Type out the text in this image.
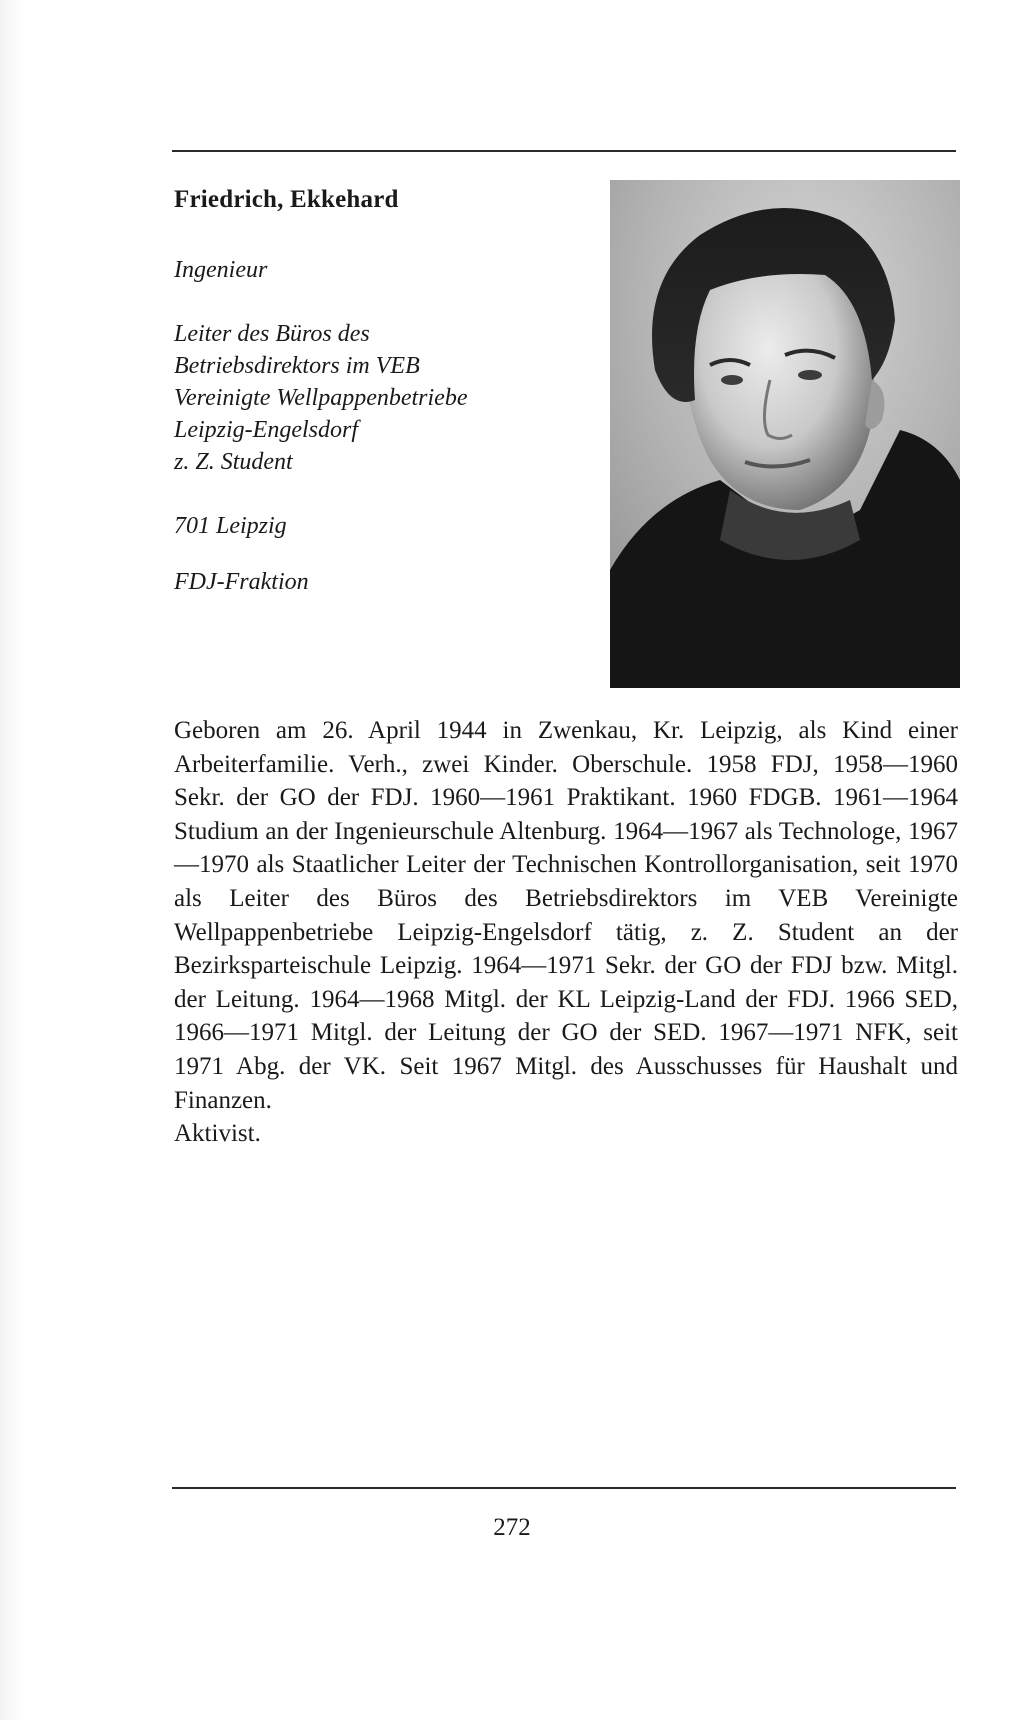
Friedrich, Ekkehard
Ingenieur
Leiter des Büros des
Betriebsdirektors im VEB
Vereinigte Wellpappenbetriebe
Leipzig-Engelsdorf
z. Z. Student
701 Leipzig
FDJ-Fraktion

Geboren am 26. April 1944 in Zwenkau, Kr. Leipzig, als Kind einer Arbeiterfamilie. Verh., zwei Kinder. Oberschule. 1958 FDJ, 1958—1960 Sekr. der GO der FDJ. 1960—1961 Praktikant. 1960 FDGB. 1961—1964 Studium an der Ingenieurschule Altenburg. 1964—1967 als Technologe, 1967—1970 als Staatlicher Leiter der Technischen Kontrollorganisation, seit 1970 als Leiter des Büros des Betriebsdirektors im VEB Vereinigte Wellpappenbetriebe Leipzig-Engelsdorf tätig, z. Z. Student an der Bezirksparteischule Leipzig. 1964—1971 Sekr. der GO der FDJ bzw. Mitgl. der Leitung. 1964—1968 Mitgl. der KL Leipzig-Land der FDJ. 1966 SED, 1966—1971 Mitgl. der Leitung der GO der SED. 1967—1971 NFK, seit 1971 Abg. der VK. Seit 1967 Mitgl. des Ausschusses für Haushalt und Finanzen.

Aktivist.

272
